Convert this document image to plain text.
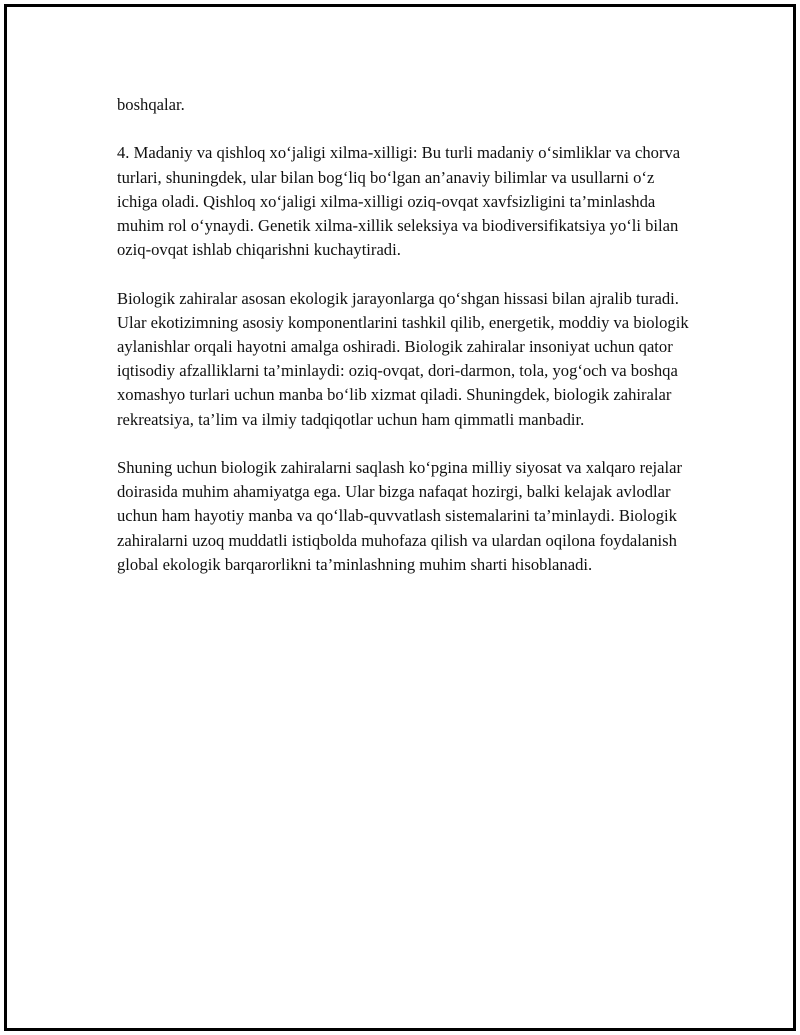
boshqalar.

4. Madaniy va qishloq xo‘jaligi xilma-xilligi: Bu turli madaniy o‘simliklar va chorva turlari, shuningdek, ular bilan bog‘liq bo‘lgan an’anaviy bilimlar va usullarni o‘z ichiga oladi. Qishloq xo‘jaligi xilma-xilligi oziq-ovqat xavfsizligini ta’minlashda muhim rol o‘ynaydi. Genetik xilma-xillik seleksiya va biodiversifikatsiya yo‘li bilan oziq-ovqat ishlab chiqarishni kuchaytiradi.

Biologik zahiralar asosan ekologik jarayonlarga qo‘shgan hissasi bilan ajralib turadi. Ular ekotizimning asosiy komponentlarini tashkil qilib, energetik, moddiy va biologik aylanishlar orqali hayotni amalga oshiradi. Biologik zahiralar insoniyat uchun qator iqtisodiy afzalliklarni ta’minlaydi: oziq-ovqat, dori-darmon, tola, yog‘och va boshqa xomashyo turlari uchun manba bo‘lib xizmat qiladi. Shuningdek, biologik zahiralar rekreatsiya, ta’lim va ilmiy tadqiqotlar uchun ham qimmatli manbadir.

Shuning uchun biologik zahiralarni saqlash ko‘pgina milliy siyosat va xalqaro rejalar doirasida muhim ahamiyatga ega. Ular bizga nafaqat hozirgi, balki kelajak avlodlar uchun ham hayotiy manba va qo‘llab-quvvatlash sistemalarini ta’minlaydi. Biologik zahiralarni uzoq muddatli istiqbolda muhofaza qilish va ulardan oqilona foydalanish global ekologik barqarorlikni ta’minlashning muhim sharti hisoblanadi.
